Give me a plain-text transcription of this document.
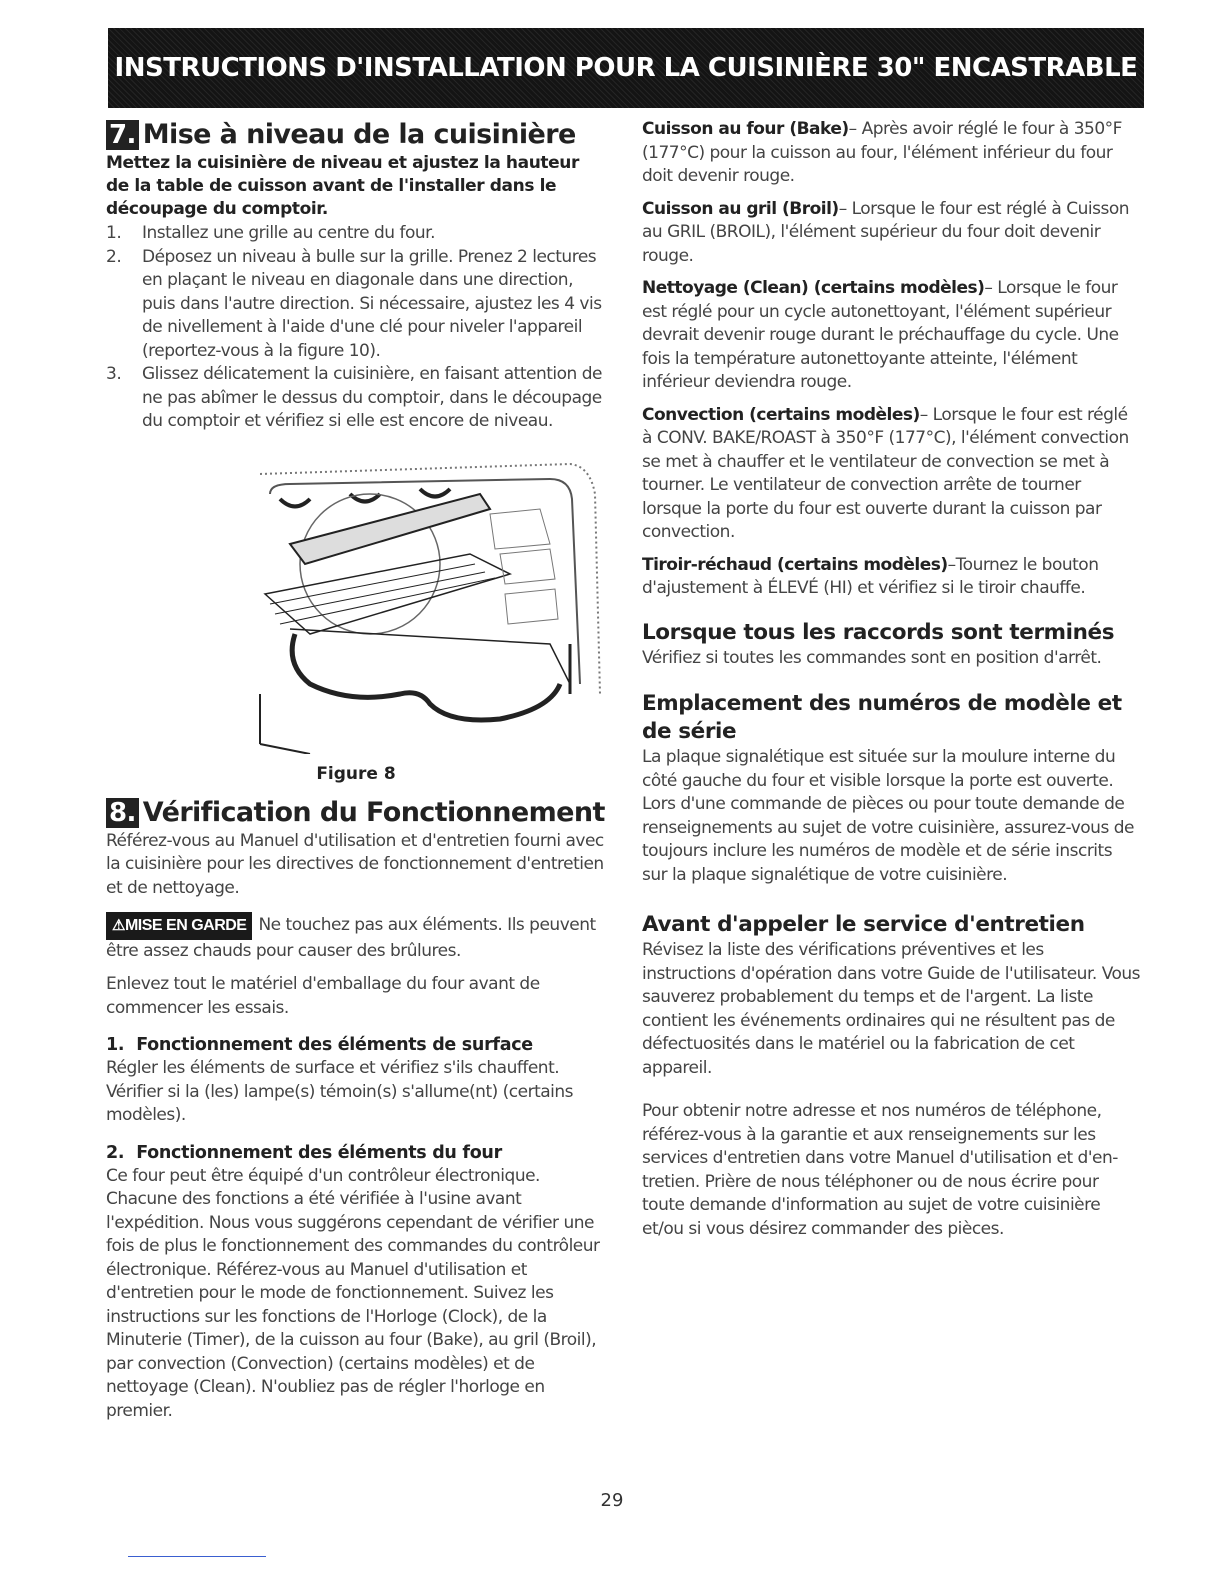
INSTRUCTIONS D'INSTALLATION POUR LA CUISINIÈRE 30" ENCASTRABLE
7. Mise à niveau de la cuisinière

Mettez la cuisinière de niveau et ajustez la hauteur de la table de cuisson avant de l'installer dans le découpage du comptoir.

1.	Installez une grille au centre du four.
2.	Déposez un niveau à bulle sur la grille. Prenez 2 lectures en plaçant le niveau en diagonale dans une direction, puis dans l'autre direction. Si nécessaire, ajustez les 4 vis de nivellement à l'aide d'une clé pour niveler l'appareil (reportez-vous à la figure 10).
3.	Glissez délicatement la cuisinière, en faisant attention de ne pas abîmer le dessus du comptoir, dans le découpage du comptoir et vérifiez si elle est encore de niveau.

Figure 8

8. Vérification du Fonctionnement

Référez-vous au Manuel d'utilisation et d'entretien fourni avec la cuisinière pour les directives de fonctionnement d'entretien et de nettoyage.

⚠MISE EN GARDE Ne touchez pas aux éléments. Ils peuvent être assez chauds pour causer des brûlures.

Enlevez tout le matériel d'emballage du four avant de commencer les essais.

1. Fonctionnement des éléments de surface

Régler les éléments de surface et vérifiez s'ils chauffent. Vérifier si la (les) lampe(s) témoin(s) s'allume(nt) (certains modèles).

2. Fonctionnement des éléments du four

Ce four peut être équipé d'un contrôleur électronique. Chacune des fonctions a été vérifiée à l'usine avant l'expédition. Nous vous suggérons cependant de vérifier une fois de plus le fonctionnement des commandes du contrôleur électronique. Référez-vous au Manuel d'utilisation et d'entretien pour le mode de fonctionnement. Suivez les instructions sur les fonctions de l'Horloge (Clock), de la Minuterie (Timer), de la cuisson au four (Bake), au gril (Broil), par convection (Convection) (certains modèles) et de nettoyage (Clean). N'oubliez pas de régler l'horloge en premier.

Cuisson au four (Bake)– Après avoir réglé le four à 350°F (177°C) pour la cuisson au four, l'élément inférieur du four doit devenir rouge.

Cuisson au gril (Broil)– Lorsque le four est réglé à Cuisson au GRIL (BROIL), l'élément supérieur du four doit devenir rouge.

Nettoyage (Clean) (certains modèles)– Lorsque le four est réglé pour un cycle autonettoyant, l'élément supérieur devrait devenir rouge durant le préchauffage du cycle. Une fois la température autonettoyante atteinte, l'élément inférieur deviendra rouge.

Convection (certains modèles)– Lorsque le four est réglé à CONV. BAKE/ROAST à 350°F (177°C), l'élément convection se met à chauffer et le ventilateur de convection se met à tourner. Le ventilateur de convection arrête de tourner lorsque la porte du four est ouverte durant la cuisson par convection.

Tiroir-réchaud (certains modèles)–Tournez le bouton d'ajustement à ÉLEVÉ (HI) et vérifiez si le tiroir chauffe.

Lorsque tous les raccords sont terminés

Vérifiez si toutes les commandes sont en position d'arrêt.

Emplacement des numéros de modèle et de série

La plaque signalétique est située sur la moulure interne du côté gauche du four et visible lorsque la porte est ouverte.

Lors d'une commande de pièces ou pour toute demande de renseignements au sujet de votre cuisinière, assurez-vous de toujours inclure les numéros de modèle et de série inscrits sur la plaque signalétique de votre cuisinière.

Avant d'appeler le service d'entretien

Révisez la liste des vérifications préventives et les instructions d'opération dans votre Guide de l'utilisateur. Vous sauverez probablement du temps et de l'argent. La liste contient les événements ordinaires qui ne résultent pas de défectuosités dans le matériel ou la fabrication de cet appareil.

Pour obtenir notre adresse et nos numéros de téléphone, référez-vous à la garantie et aux renseignements sur les services d'entretien dans votre Manuel d'utilisation et d'en-tretien. Prière de nous téléphoner ou de nous écrire pour toute demande d'information au sujet de votre cuisinière et/ou si vous désirez commander des pièces.

29
